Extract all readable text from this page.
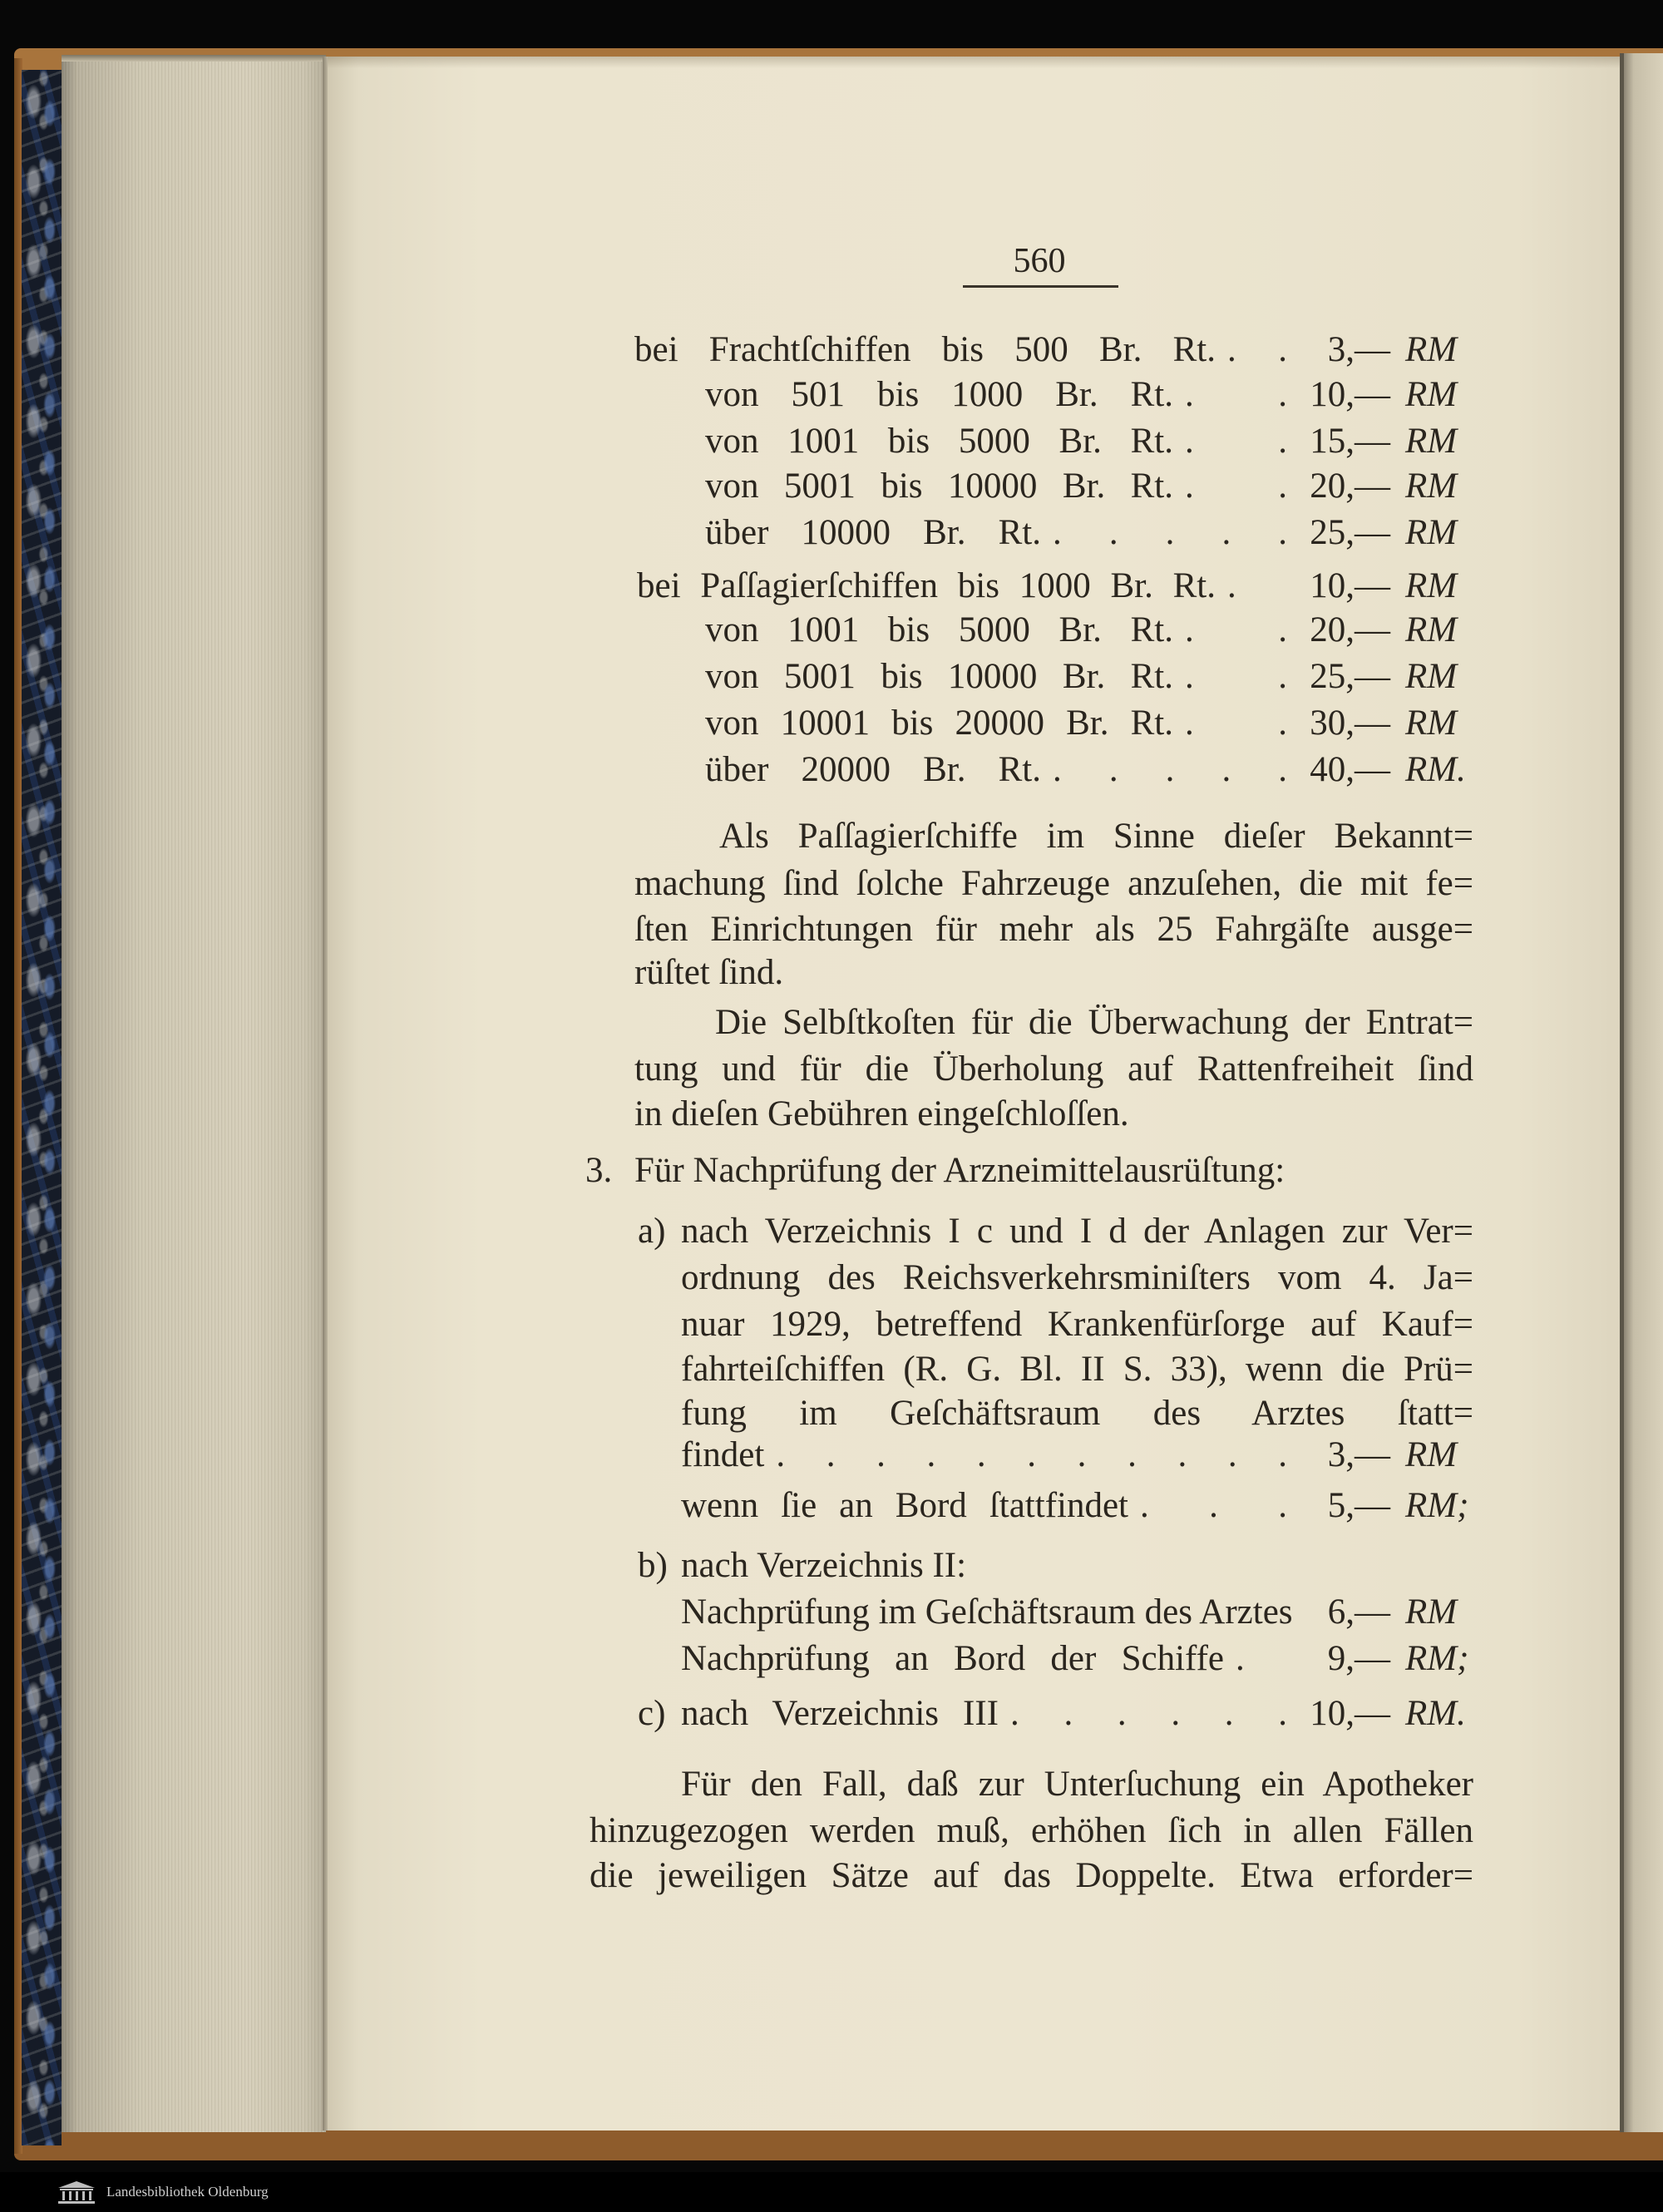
560
bei Frachtſchiffen bis 500 Br. Rt. . .	3,— RM
von 501 bis 1000 Br. Rt. . . 10,— RM
von 1001 bis 5000 Br. Rt. . . 15,— RM
von 5001 bis 10000 Br. Rt. . . 20,— RM
über 10000 Br. Rt. . . . . . 25,— RM
bei Paſſagierſchiffen bis 1000 Br. Rt. .	10,— RM
von 1001 bis 5000 Br. Rt. . . 20,— RM
von 5001 bis 10000 Br. Rt. . . 25,— RM
von 10001 bis 20000 Br. Rt. . . 30,— RM
über 20000 Br. Rt. . . . . . 40,— RM.
Als Paſſagierſchiffe im Sinne dieſer Bekannt=
machung ſind ſolche Fahrzeuge anzuſehen, die mit fe=
ſten Einrichtungen für mehr als 25 Fahrgäſte ausge=
rüſtet ſind.
Die Selbſtkoſten für die Überwachung der Entrat=
tung und für die Überholung auf Rattenfreiheit ſind
in dieſen Gebühren eingeſchloſſen.
3. Für Nachprüfung der Arzneimittelausrüſtung:
a) nach Verzeichnis I c und I d der Anlagen zur Ver=
ordnung des Reichsverkehrsminiſters vom 4. Ja=
nuar 1929, betreffend Krankenfürſorge auf Kauf=
fahrteiſchiffen (R. G. Bl. II S. 33), wenn die Prü=
fung im Geſchäftsraum des Arztes ſtatt=
findet . . . . . . . . . . .	3,— RM
wenn ſie an Bord ſtattfindet . . .	5,— RM;
b) nach Verzeichnis II:
Nachprüfung im Geſchäftsraum des Arztes 6,— RM
Nachprüfung an Bord der Schiffe .	9,— RM;
c) nach Verzeichnis III . . . . . . 10,— RM.
Für den Fall, daß zur Unterſuchung ein Apotheker
hinzugezogen werden muß, erhöhen ſich in allen Fällen
die jeweiligen Sätze auf das Doppelte. Etwa erforder=
Landesbibliothek Oldenburg
